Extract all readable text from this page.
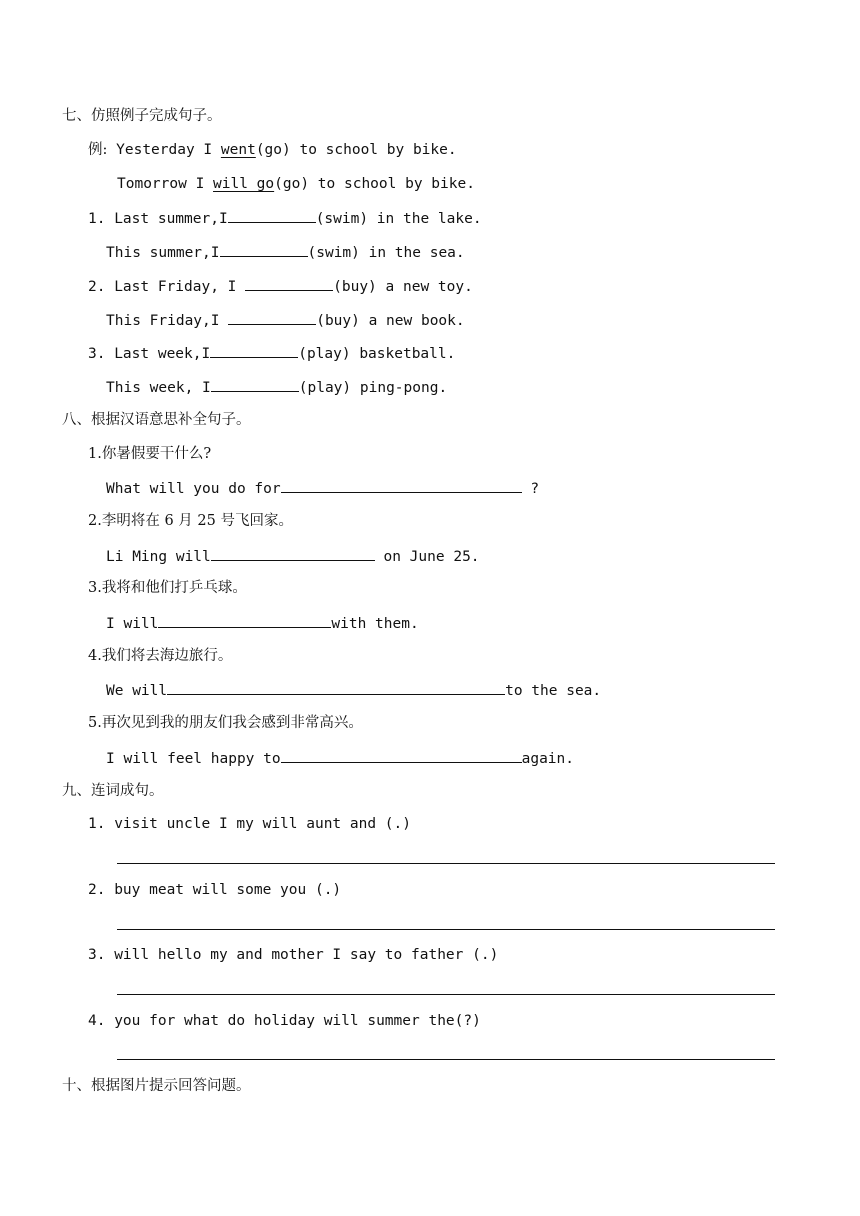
七、仿照例子完成句子。
例: Yesterday I went(go) to school by bike.
Tomorrow I will go(go) to school by bike.
1. Last summer,I	(swim) in the lake.
This summer,I	(swim) in the sea.
2. Last Friday, I	(buy) a new toy.
This Friday,I	(buy) a new book.
3. Last week,I	(play) basketball.
This week, I	(play) ping-pong.
八、根据汉语意思补全句子。
1.你暑假要干什么?
What will you do for	?
2.李明将在 6 月 25 号飞回家。
Li Ming will	on June 25.
3.我将和他们打乒乓球。
I will	with them.
4.我们将去海边旅行。
We will	to the sea.
5.再次见到我的朋友们我会感到非常高兴。
I will feel happy to	again.
九、连词成句。
1. visit uncle I my will aunt and (.)
2. buy meat will some you (.)
3. will hello my and mother I say to father (.)
4. you for what do holiday will summer the(?)
十、根据图片提示回答问题。
